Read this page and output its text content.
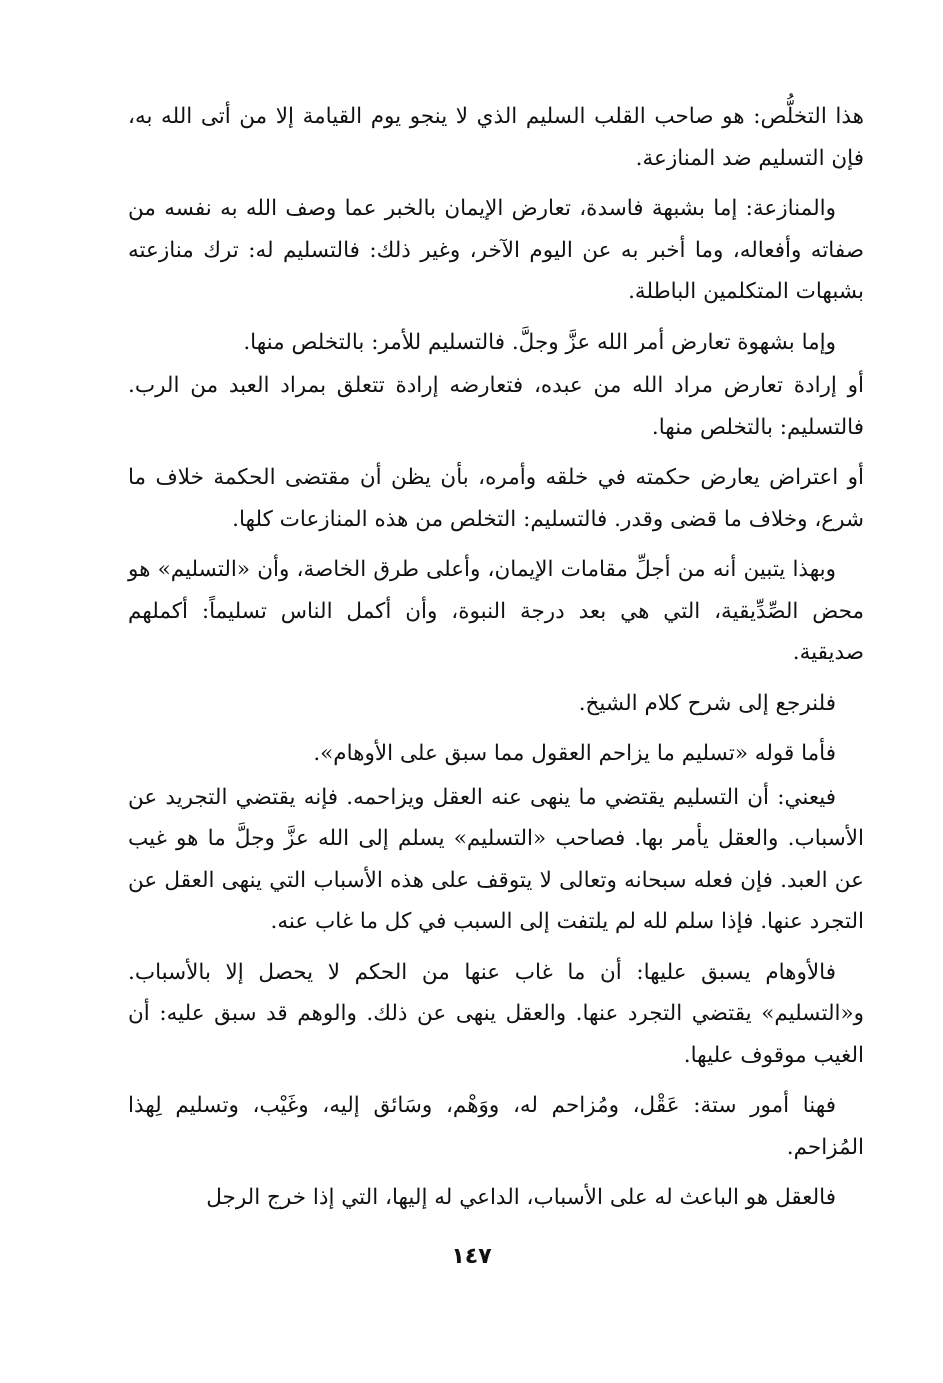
هذا التخلُّص: هو صاحب القلب السليم الذي لا ينجو يوم القيامة إلا من أتى الله به، فإن التسليم ضد المنازعة.

والمنازعة: إما بشبهة فاسدة، تعارض الإيمان بالخبر عما وصف الله به نفسه من صفاته وأفعاله، وما أخبر به عن اليوم الآخر، وغير ذلك: فالتسليم له: ترك منازعته بشبهات المتكلمين الباطلة.

وإما بشهوة تعارض أمر الله عزَّ وجلَّ. فالتسليم للأمر: بالتخلص منها.

أو إرادة تعارض مراد الله من عبده، فتعارضه إرادة تتعلق بمراد العبد من الرب. فالتسليم: بالتخلص منها.

أو اعتراض يعارض حكمته في خلقه وأمره، بأن يظن أن مقتضى الحكمة خلاف ما شرع، وخلاف ما قضى وقدر. فالتسليم: التخلص من هذه المنازعات كلها.

وبهذا يتبين أنه من أجلِّ مقامات الإيمان، وأعلى طرق الخاصة، وأن «التسليم» هو محض الصِّدِّيقية، التي هي بعد درجة النبوة، وأن أكمل الناس تسليماً: أكملهم صديقية.

فلنرجع إلى شرح كلام الشيخ.

فأما قوله «تسليم ما يزاحم العقول مما سبق على الأوهام».

فيعني: أن التسليم يقتضي ما ينهى عنه العقل ويزاحمه. فإنه يقتضي التجريد عن الأسباب. والعقل يأمر بها. فصاحب «التسليم» يسلم إلى الله عزَّ وجلَّ ما هو غيب عن العبد. فإن فعله سبحانه وتعالى لا يتوقف على هذه الأسباب التي ينهى العقل عن التجرد عنها. فإذا سلم لله لم يلتفت إلى السبب في كل ما غاب عنه.

فالأوهام يسبق عليها: أن ما غاب عنها من الحكم لا يحصل إلا بالأسباب. و«التسليم» يقتضي التجرد عنها. والعقل ينهى عن ذلك. والوهم قد سبق عليه: أن الغيب موقوف عليها.

فهنا أمور ستة: عَقْل، ومُزاحم له، ووَهْم، وسَائق إليه، وغَيْب، وتسليم لِهذا المُزاحم.

فالعقل هو الباعث له على الأسباب، الداعي له إليها، التي إذا خرج الرجل

١٤٧
